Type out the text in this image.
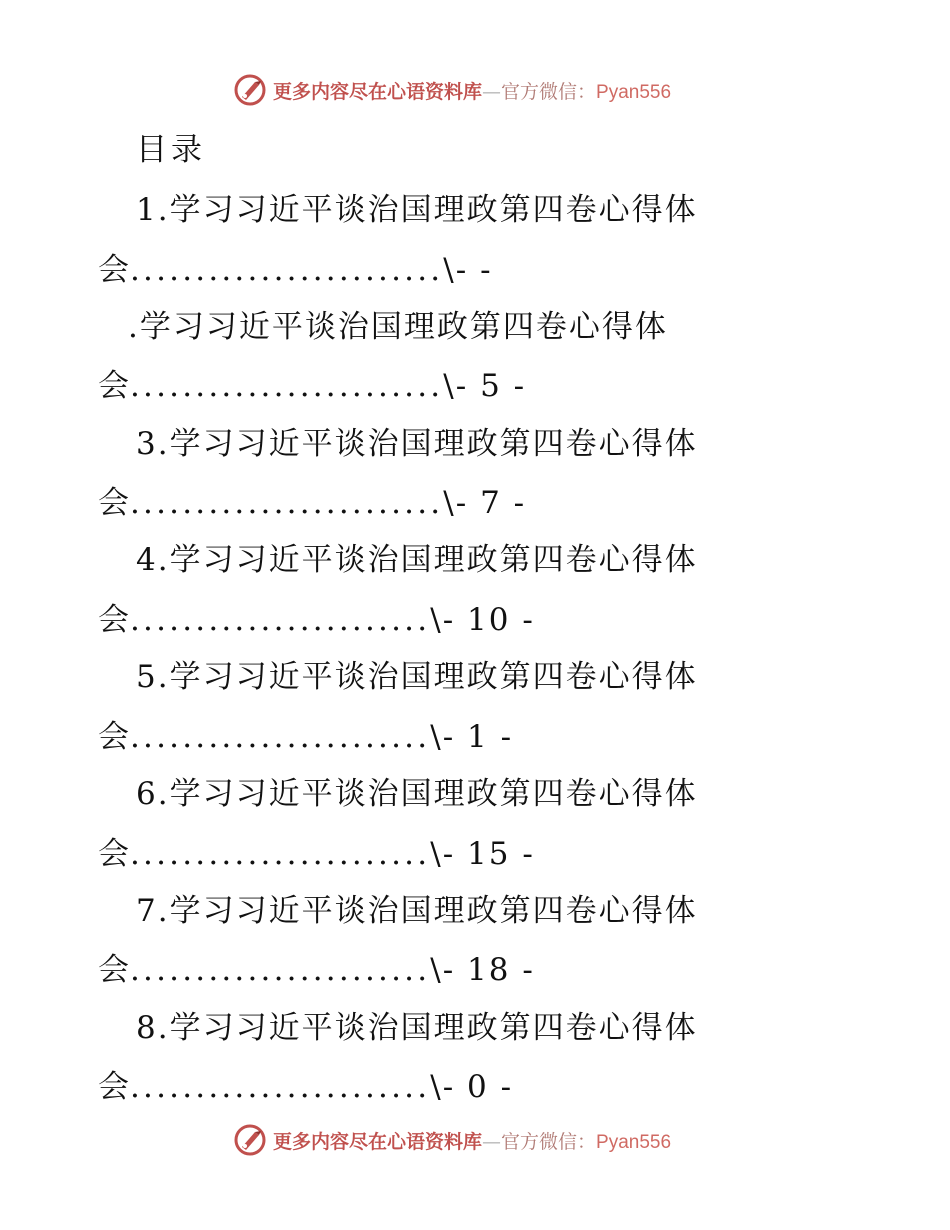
更多内容尽在心语资料库—官方微信：Pyan556
目录
1.学习习近平谈治国理政第四卷心得体
会........................\- -
.学习习近平谈治国理政第四卷心得体
会........................\- 5 -
3.学习习近平谈治国理政第四卷心得体
会........................\- 7 -
4.学习习近平谈治国理政第四卷心得体
会.......................\- 10 -
5.学习习近平谈治国理政第四卷心得体
会.......................\- 1 -
6.学习习近平谈治国理政第四卷心得体
会.......................\- 15 -
7.学习习近平谈治国理政第四卷心得体
会.......................\- 18 -
8.学习习近平谈治国理政第四卷心得体
会.......................\- 0 -
更多内容尽在心语资料库—官方微信：Pyan556
